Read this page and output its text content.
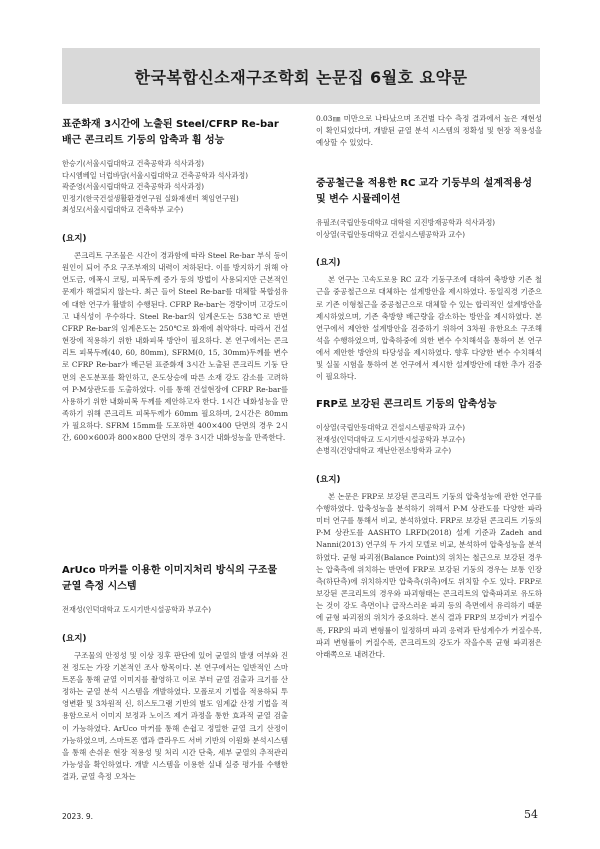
한국복합신소재구조학회 논문집 6월호 요약문
표준화재 3시간에 노출된 Steel/CFRP Re-bar 배근 콘크리트 기둥의 압축과 휨 성능
한승기(서울시립대학교 건축공학과 석사과정)
다시엠베일 너럽바담(서울시립대학교 건축공학과 석사과정)
곽준영(서울시립대학교 건축공학과 석사과정)
민정기(한국건설생활환경연구원 실화재센터 책임연구원)
최성모(서울시립대학교 건축학부 교수)
(요지)

콘크리트 구조물은 시간이 경과함에 따라 Steel Re-bar 부식 등이 원인이 되어 주요 구조부재의 내력이 저하된다. 이를 방지하기 위해 아연도금, 에폭시 코팅, 피복두께 증가 등의 방법이 사용되지만 근본적인 문제가 해결되지 않는다. 최근 들어 Steel Re-bar를 대체할 복합섬유에 대한 연구가 활발히 수행된다. CFRP Re-bar는 경량이며 고강도이고 내식성이 우수하다. Steel Re-bar의 임계온도는 538℃로 반면 CFRP Re-bar의 임계온도는 250℃로 화재에 취약하다. 따라서 건설현장에 적용하기 위한 내화피복 방안이 필요하다. 본 연구에서는 콘크리트 피복두께(40, 60, 80mm), SFRM(0, 15, 30mm)두께를 변수로 CFRP Re-bar가 배근된 표준화재 3시간 노출된 콘크리트 기둥 단면의 온도분포를 확인하고, 온도상승에 따른 소재 강도 감소를 고려하여 P-M상관도를 도출하였다. 이를 통해 건설현장에 CFRP Re-bar를 사용하기 위한 내화피복 두께를 제안하고자 한다. 1시간 내화성능을 만족하기 위해 콘크리트 피복두께가 60mm 필요하며, 2시간은 80mm가 필요하다. SFRM 15mm를 도포하면 400×400 단면의 경우 2시간, 600×600과 800×800 단면의 경우 3시간 내화성능을 만족한다.

ArUco 마커를 이용한 이미지처리 방식의 구조물 균열 측정 시스템
전재성(인덕대학교 도시기반시설공학과 부교수)
(요지)

구조물의 안정성 및 이상 징후 판단에 있어 균열의 발생 여부와 진전 정도는 가장 기본적인 조사 항목이다. 본 연구에서는 일반적인 스마트폰을 통해 균열 이미지를 촬영하고 이로 부터 균열 검출과 크기를 산정하는 균열 분석 시스템을 개발하였다. 모폴로지 기법을 적용하되 투영변환 및 3차원적 신, 히스토그램 기반의 별도 임계값 산정 기법을 적용함으로서 이미지 보정과 노이즈 제거 과정을 통한 효과적 균열 검출이 가능하였다. ArUco 마커를 통해 손쉽고 정밀한 균열 크기 산정이 가능하였으며, 스마트폰 앱과 클라우드 서버 기반의 이원화 분석시스템을 통해 손쉬운 현장 적용성 및 처리 시간 단축, 세부 균열의 추적관리 가능성을 확인하였다. 개발 시스템을 이용한 실내 실증 평가를 수행한 결과, 균열 측정 오차는

0.03㎜ 미만으로 나타났으며 조건별 다수 측정 결과에서 높은 재현성이 확인되었다며, 개발된 균열 분석 시스템의 정확성 및 현장 적용성을 예상할 수 있었다.

중공철근을 적용한 RC 교각 기둥부의 설계적용성 및 변수 시뮬레이션
유필조(국립안동대학교 대학원 지진방재공학과 석사과정)
이상열(국립안동대학교 건설시스템공학과 교수)
(요지)

본 연구는 고속도로용 RC 교각 기둥구조에 대하여 축방향 기존 철근을 중공철근으로 대체하는 설계방안을 제시하였다. 동일직경 기준으로 기존 이형철근을 중공철근으로 대체할 수 있는 합리적인 설계방안을 제시하였으며, 기존 축방향 배근량을 감소하는 방안을 제시하였다. 본 연구에서 제안한 설계방안을 검증하기 위하여 3차원 유한요소 구조해석을 수행하였으며, 압축하중에 의한 변수 수치해석을 통하여 본 연구에서 제안한 방안의 타당성을 제시하였다. 향후 다양한 변수 수치해석 및 실물 시험을 통하여 본 연구에서 제시한 설계방안에 대한 추가 검증이 필요하다.

FRP로 보강된 콘크리트 기둥의 압축성능
이상열(국립안동대학교 건설시스템공학과 교수)
전재성(인덕대학교 도시기반시설공학과 부교수)
손병직(건양대학교 재난안전소방학과 교수)
(요지)

본 논문은 FRP로 보강된 콘크리트 기둥의 압축성능에 관한 연구를 수행하였다. 압축성능을 분석하기 위해서 P-M 상관도를 다양한 파라미터 연구를 통해서 비교, 분석하였다. FRP로 보강된 콘크리트 기둥의 P-M 상관도를 AASHTO LRFD(2018) 설계 기준과 Zadeh and Nanni(2013) 연구의 두 가지 모델로 비교, 분석하여 압축성능을 분석하였다. 균형 파괴점(Balance Point)의 위치는 철근으로 보강된 경우는 압축측에 위치하는 반면에 FRP로 보강된 기둥의 경우는 보통 인장측(하단측)에 위치하지만 압축측(위측)에도 위치할 수도 있다. FRP로 보강된 콘크리트의 경우와 파괴형태는 콘크리트의 압축파괴로 유도하는 것이 강도 측면이나 급작스러운 파괴 등의 측면에서 유리하기 때문에 균형 파괴점의 위치가 중요하다. 본식 결과 FRP의 보강비가 커질수록, FRP의 파괴 변형률이 일정하며 파괴 응력과 탄성계수가 커질수록, 파괴 변형률이 커질수록, 콘크리트의 강도가 작을수록 균형 파괴점은 아래쪽으로 내려간다.

2023. 9.	54
